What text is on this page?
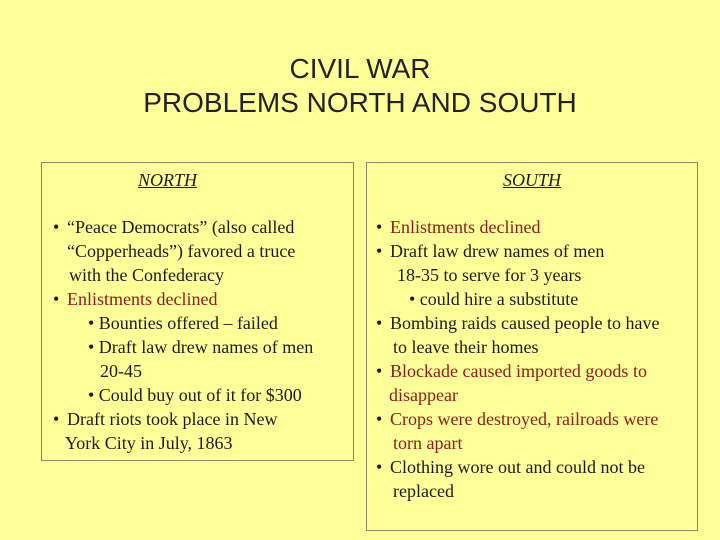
CIVIL WAR
PROBLEMS NORTH AND SOUTH
NORTH
• “Peace Democrats” (also called
“Copperheads”) favored a truce
with the Confederacy
• Enlistments declined
• Bounties offered – failed
• Draft law drew names of men
20-45
• Could buy out of it for $300
• Draft riots took place in New
York City in July, 1863
SOUTH
• Enlistments declined
• Draft law drew names of men
18-35 to serve for 3 years
• could hire a substitute
• Bombing raids caused people to have
to leave their homes
• Blockade caused imported goods to
disappear
• Crops were destroyed, railroads were
torn apart
• Clothing wore out and could not be
replaced
